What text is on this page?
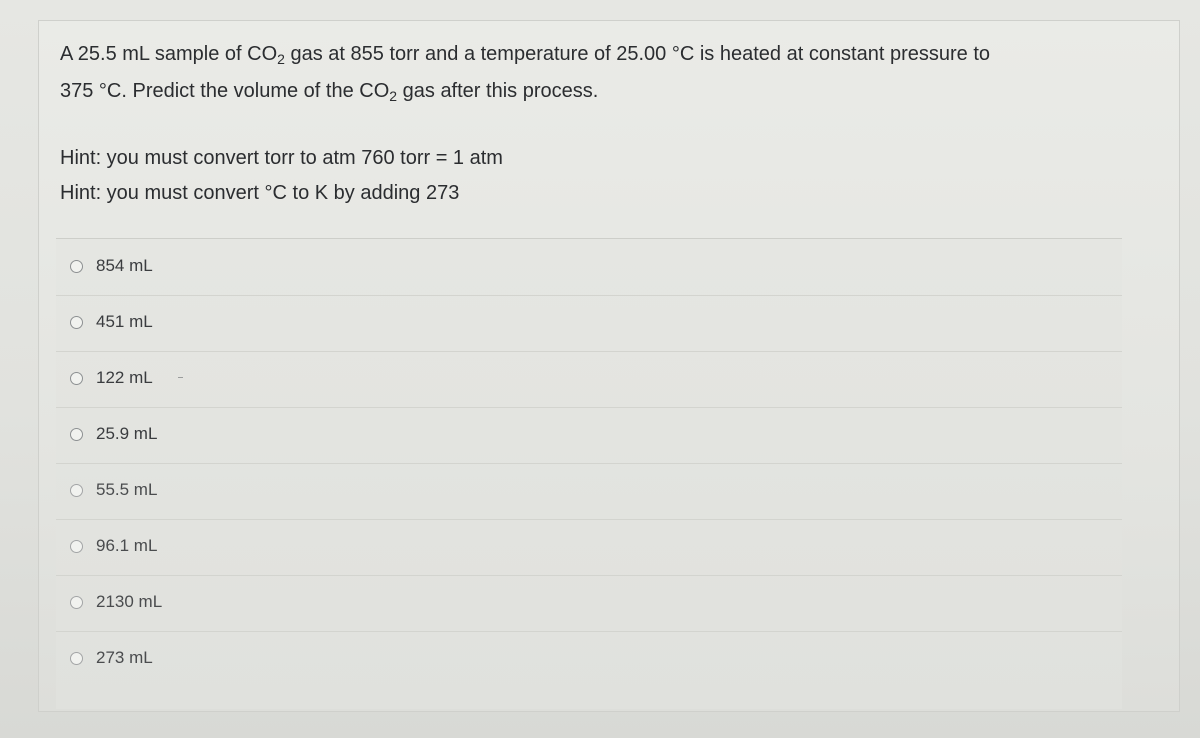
A 25.5 mL sample of $CO_2$ gas at 855 torr and a temperature of 25.00 °C is heated at constant pressure to
375 °C. Predict the volume of the $CO_2$ gas after this process.
Hint: you must convert torr to atm 760 torr = 1 atm
Hint: you must convert °C to K by adding 273
854 mL
451 mL
122 mL
25.9 mL
55.5 mL
96.1 mL
2130 mL
273 mL
